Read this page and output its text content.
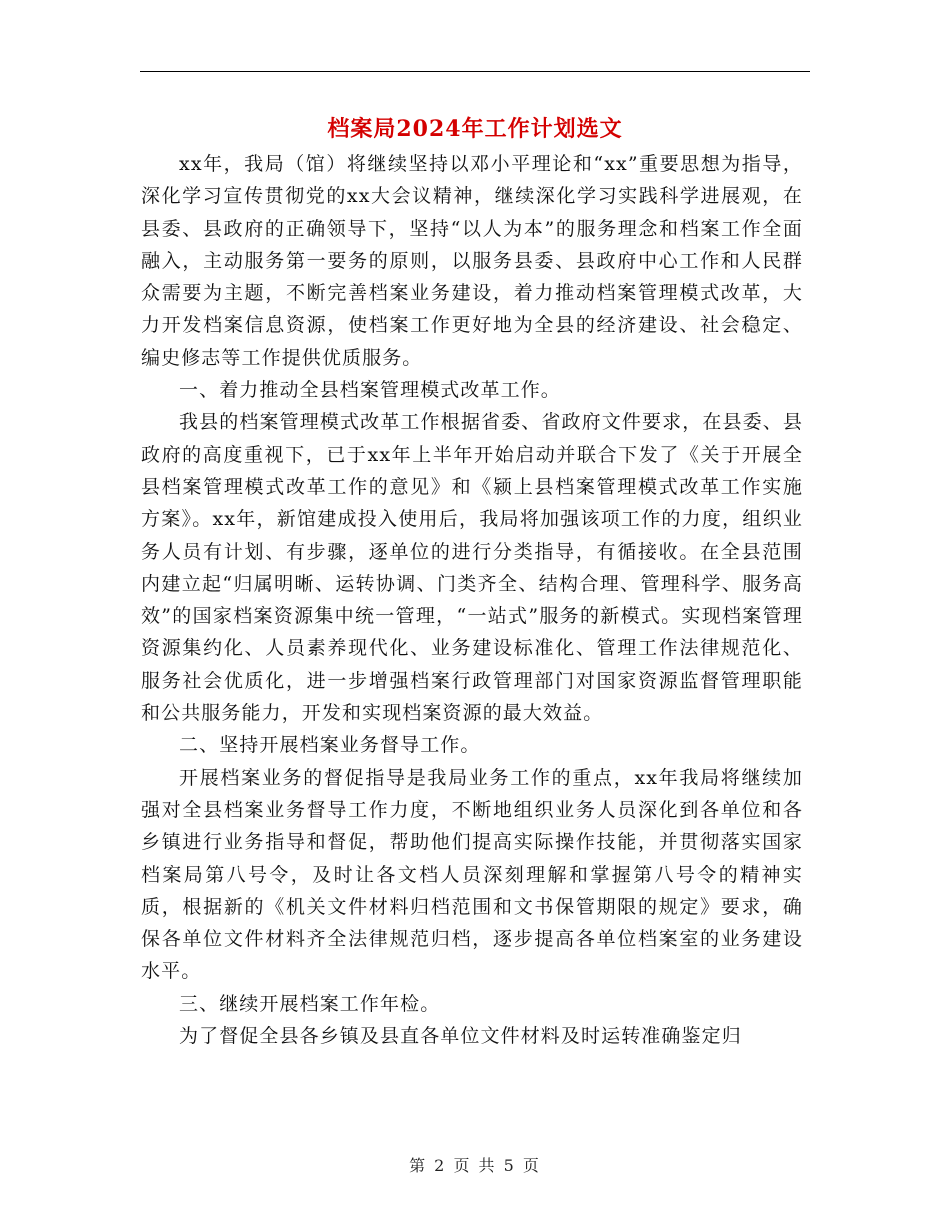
档案局2024年工作计划选文

xx年，我局（馆）将继续坚持以邓小平理论和“xx”重要思想为指导，深化学习宣传贯彻党的xx大会议精神，继续深化学习实践科学进展观，在县委、县政府的正确领导下，坚持“以人为本”的服务理念和档案工作全面融入，主动服务第一要务的原则，以服务县委、县政府中心工作和人民群众需要为主题，不断完善档案业务建设，着力推动档案管理模式改革，大力开发档案信息资源，使档案工作更好地为全县的经济建设、社会稳定、编史修志等工作提供优质服务。

一、着力推动全县档案管理模式改革工作。

我县的档案管理模式改革工作根据省委、省政府文件要求，在县委、县政府的高度重视下，已于xx年上半年开始启动并联合下发了《关于开展全县档案管理模式改革工作的意见》和《颍上县档案管理模式改革工作实施方案》。xx年，新馆建成投入使用后，我局将加强该项工作的力度，组织业务人员有计划、有步骤，逐单位的进行分类指导，有循接收。在全县范围内建立起“归属明晰、运转协调、门类齐全、结构合理、管理科学、服务高效”的国家档案资源集中统一管理，“一站式”服务的新模式。实现档案管理资源集约化、人员素养现代化、业务建设标准化、管理工作法律规范化、服务社会优质化，进一步增强档案行政管理部门对国家资源监督管理职能和公共服务能力，开发和实现档案资源的最大效益。

二、坚持开展档案业务督导工作。

开展档案业务的督促指导是我局业务工作的重点，xx年我局将继续加强对全县档案业务督导工作力度，不断地组织业务人员深化到各单位和各乡镇进行业务指导和督促，帮助他们提高实际操作技能，并贯彻落实国家档案局第八号令，及时让各文档人员深刻理解和掌握第八号令的精神实质，根据新的《机关文件材料归档范围和文书保管期限的规定》要求，确保各单位文件材料齐全法律规范归档，逐步提高各单位档案室的业务建设水平。

三、继续开展档案工作年检。

为了督促全县各乡镇及县直各单位文件材料及时运转准确鉴定归

第 2 页 共 5 页
